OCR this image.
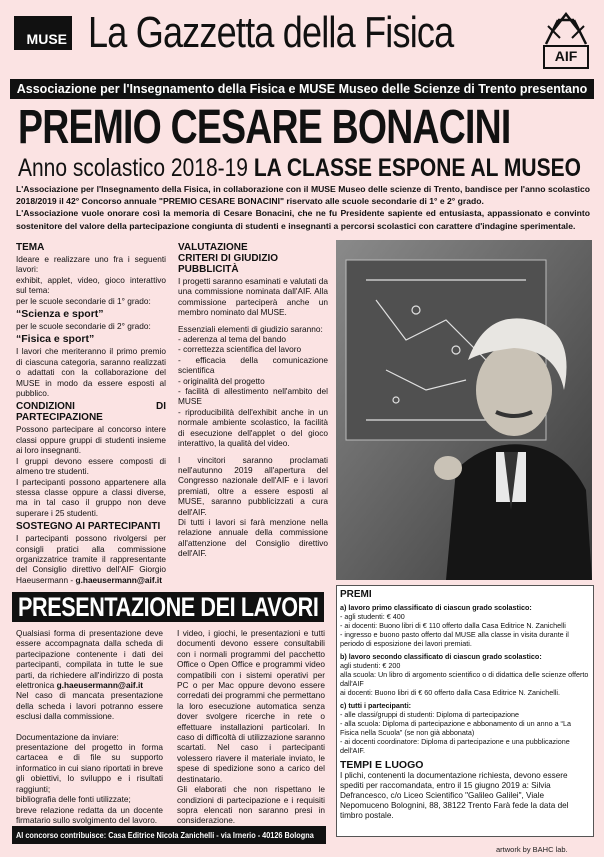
MUSE La Gazzetta della Fisica	AIF
Associazione per l'Insegnamento della Fisica e MUSE Museo delle Scienze di Trento presentano
PREMIO CESARE BONACINI
Anno scolastico 2018-19 LA CLASSE ESPONE AL MUSEO
L'Associazione per l'Insegnamento della Fisica, in collaborazione con il MUSE Museo delle scienze di Trento, bandisce per l'anno scolastico 2018/2019 il 42° Concorso annuale "PREMIO CESARE BONACINI" riservato alle scuole secondarie di 1° e 2° grado.
L'Associazione vuole onorare così la memoria di Cesare Bonacini, che ne fu Presidente sapiente ed entusiasta, appassionato e convinto sostenitore del valore della partecipazione congiunta di studenti e insegnanti a percorsi scolastici con carattere d'indagine sperimentale.
TEMA

Ideare e realizzare uno fra i seguenti lavori:

exhibit, applet, video, gioco interattivo sul tema:

per le scuole secondarie di 1° grado:

“Scienza e sport”

per le scuole secondarie di 2° grado:

“Fisica e sport”

I lavori che meriteranno il primo premio di ciascuna categoria, saranno realizzati o adattati con la collaborazione del MUSE in modo da essere esposti al pubblico.

CONDIZIONI DI PARTECIPAZIONE

Possono partecipare al concorso intere classi oppure gruppi di studenti insieme ai loro insegnanti.

I gruppi devono essere composti di almeno tre studenti.

I partecipanti possono appartenere alla stessa classe oppure a classi diverse, ma in tal caso il gruppo non deve superare i 25 studenti.

SOSTEGNO AI PARTECIPANTI

I partecipanti possono rivolgersi per consigli pratici alla commissione organizzatrice tramite il rappresentante del Consiglio direttivo dell'AIF Giorgio Haeusermann - g.haeusermann@aif.it

VALUTAZIONE
CRITERI DI GIUDIZIO
PUBBLICITÀ

I progetti saranno esaminati e valutati da una commissione nominata dall'AIF. Alla commissione parteciperà anche un membro nominato dal MUSE.

Essenziali elementi di giudizio saranno:

- aderenza al tema del bando

- correttezza scientifica del lavoro

- efficacia della comunicazione scientifica

- originalità del progetto

- facilità di allestimento nell'ambito del MUSE

- riproducibilità dell'exhibit anche in un normale ambiente scolastico, la facilità di esecuzione dell'applet o del gioco interattivo, la qualità del video.

I vincitori saranno proclamati nell'autunno 2019 all'apertura del Congresso nazionale dell'AIF e i lavori premiati, oltre a essere esposti al MUSE, saranno pubblicizzati a cura dell'AIF.

Di tutti i lavori si farà menzione nella relazione annuale della commissione all'attenzione del Consiglio direttivo dell'AIF.

PRESENTAZIONE DEI LAVORI

Qualsiasi forma di presentazione deve essere accompagnata dalla scheda di partecipazione contenente i dati dei partecipanti, compilata in tutte le sue parti, da richiedere all'indirizzo di posta elettronica g.haeusermann@aif.it

Nel caso di mancata presentazione della scheda i lavori potranno essere esclusi dalla commissione.

Documentazione da inviare:

presentazione del progetto in forma cartacea e di file su supporto informatico in cui siano riportati in breve gli obiettivi, lo sviluppo e i risultati raggiunti;

bibliografia delle fonti utilizzate;

breve relazione redatta da un docente firmatario sullo svolgimento del lavoro.

I video, i giochi, le presentazioni e tutti documenti devono essere consultabili con i normali programmi del pacchetto Office o Open Office e programmi video compatibili con i sistemi operativi per PC o per Mac oppure devono essere corredati dei programmi che permettano la loro esecuzione automatica senza dover svolgere ricerche in rete o effettuare installazioni particolari. In caso di difficoltà di utilizzazione saranno scartati. Nel caso i partecipanti volessero riavere il materiale inviato, le spese di spedizione sono a carico del destinatario.

Gli elaborati che non rispettano le condizioni di partecipazione e i requisiti sopra elencati non saranno presi in considerazione.

PREMI
a) lavoro primo classificato di ciascun grado scolastico:
- agli studenti: € 400
- ai docenti: Buono libri di € 110 offerto dalla Casa Editrice N. Zanichelli
- ingresso e buono pasto offerto dal MUSE alla classe in visita durante il periodo di esposizione dei lavori premiati.
b) lavoro secondo classificato di ciascun grado scolastico:
agli studenti: € 200
alla scuola: Un libro di argomento scientifico o di didattica delle scienze offerto dall'AIF
ai docenti: Buono libri di € 60 offerto dalla Casa Editrice N. Zanichelli.
c) tutti i partecipanti:
- alle classi/gruppi di studenti: Diploma di partecipazione
- alla scuola: Diploma di partecipazione e abbonamento di un anno a “La Fisica nella Scuola” (se non già abbonata)
- ai docenti coordinatore: Diploma di partecipazione e una pubblicazione dell'AIF.
TEMPI E LUOGO
I plichi, contenenti la documentazione richiesta, devono essere spediti per raccomandata, entro il 15 giugno 2019 a: Silvia Defrancesco, c/o Liceo Scientifico "Galileo Galilei", Viale Nepomuceno Bolognini, 88, 38122 Trento Farà fede la data del timbro postale.
Al concorso contribuisce: Casa Editrice Nicola Zanichelli - via Irnerio - 40126 Bologna
artwork by BAHC lab.
